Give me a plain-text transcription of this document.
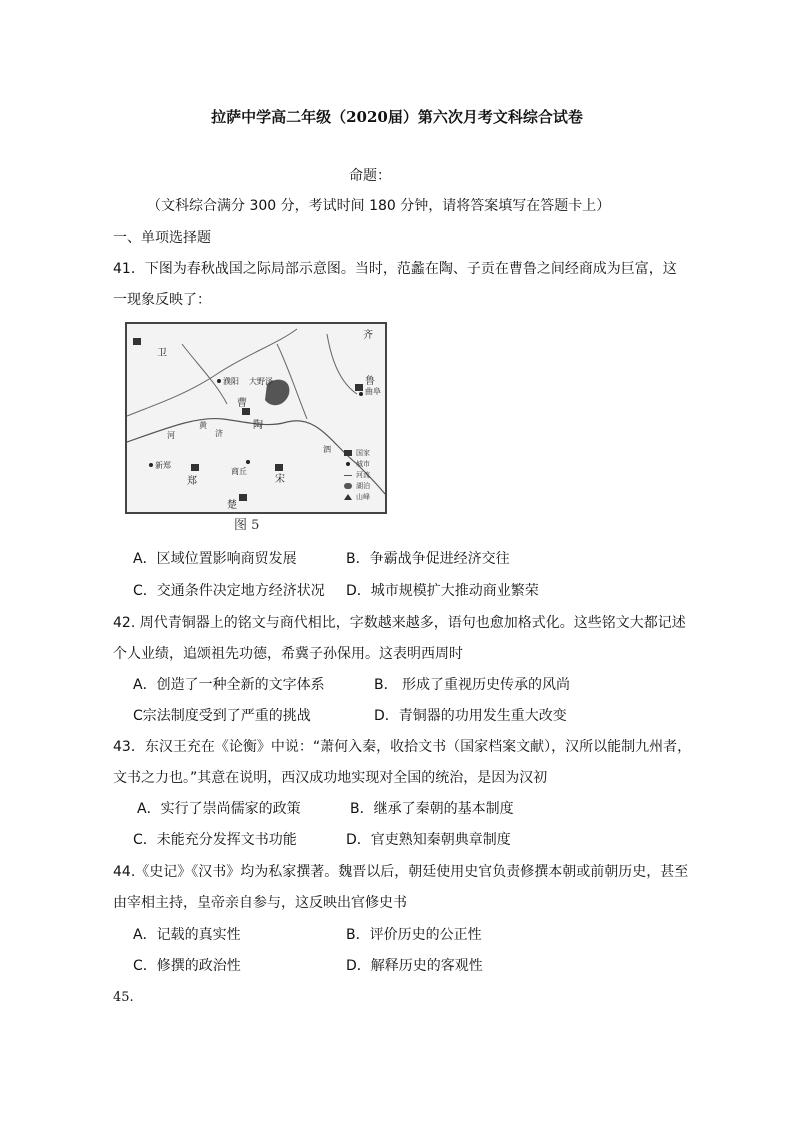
拉萨中学高二年级（2020届）第六次月考文科综合试卷
命题：
（文科综合满分 300 分，考试时间 180 分钟，请将答案填写在答题卡上）
一、单项选择题
41．下图为春秋战国之际局部示意图。当时，范蠡在陶、子贡在曹鲁之间经商成为巨富，这
一现象反映了：
卫
齐
鲁
曹
陶
宋
郑
楚
新郑
商丘
濮阳 大野泽
曲阜
黄
济
河
泗	国家
城市
河流
湖泊
山峰
图 5
A．区域位置影响商贸发展	B．争霸战争促进经济交往
C．交通条件决定地方经济状况 D．城市规模扩大推动商业繁荣
42. 周代青铜器上的铭文与商代相比，字数越来越多，语句也愈加格式化。这些铭文大都记述
个人业绩，追颂祖先功德，希冀子孙保用。这表明西周时
A．创造了一种全新的文字体系	B． 形成了重视历史传承的风尚
C宗法制度受到了严重的挑战	D．青铜器的功用发生重大改变
43．东汉王充在《论衡》中说：“萧何入秦，收拾文书（国家档案文献），汉所以能制九州者，
文书之力也。”其意在说明，西汉成功地实现对全国的统治，是因为汉初
A．实行了崇尚儒家的政策	B．继承了秦朝的基本制度
C．未能充分发挥文书功能	D．官吏熟知秦朝典章制度
44.《史记》《汉书》均为私家撰著。魏晋以后，朝廷使用史官负责修撰本朝或前朝历史，甚至
由宰相主持，皇帝亲自参与，这反映出官修史书
A．记载的真实性	B．评价历史的公正性
C．修撰的政治性	D．解释历史的客观性
45.
